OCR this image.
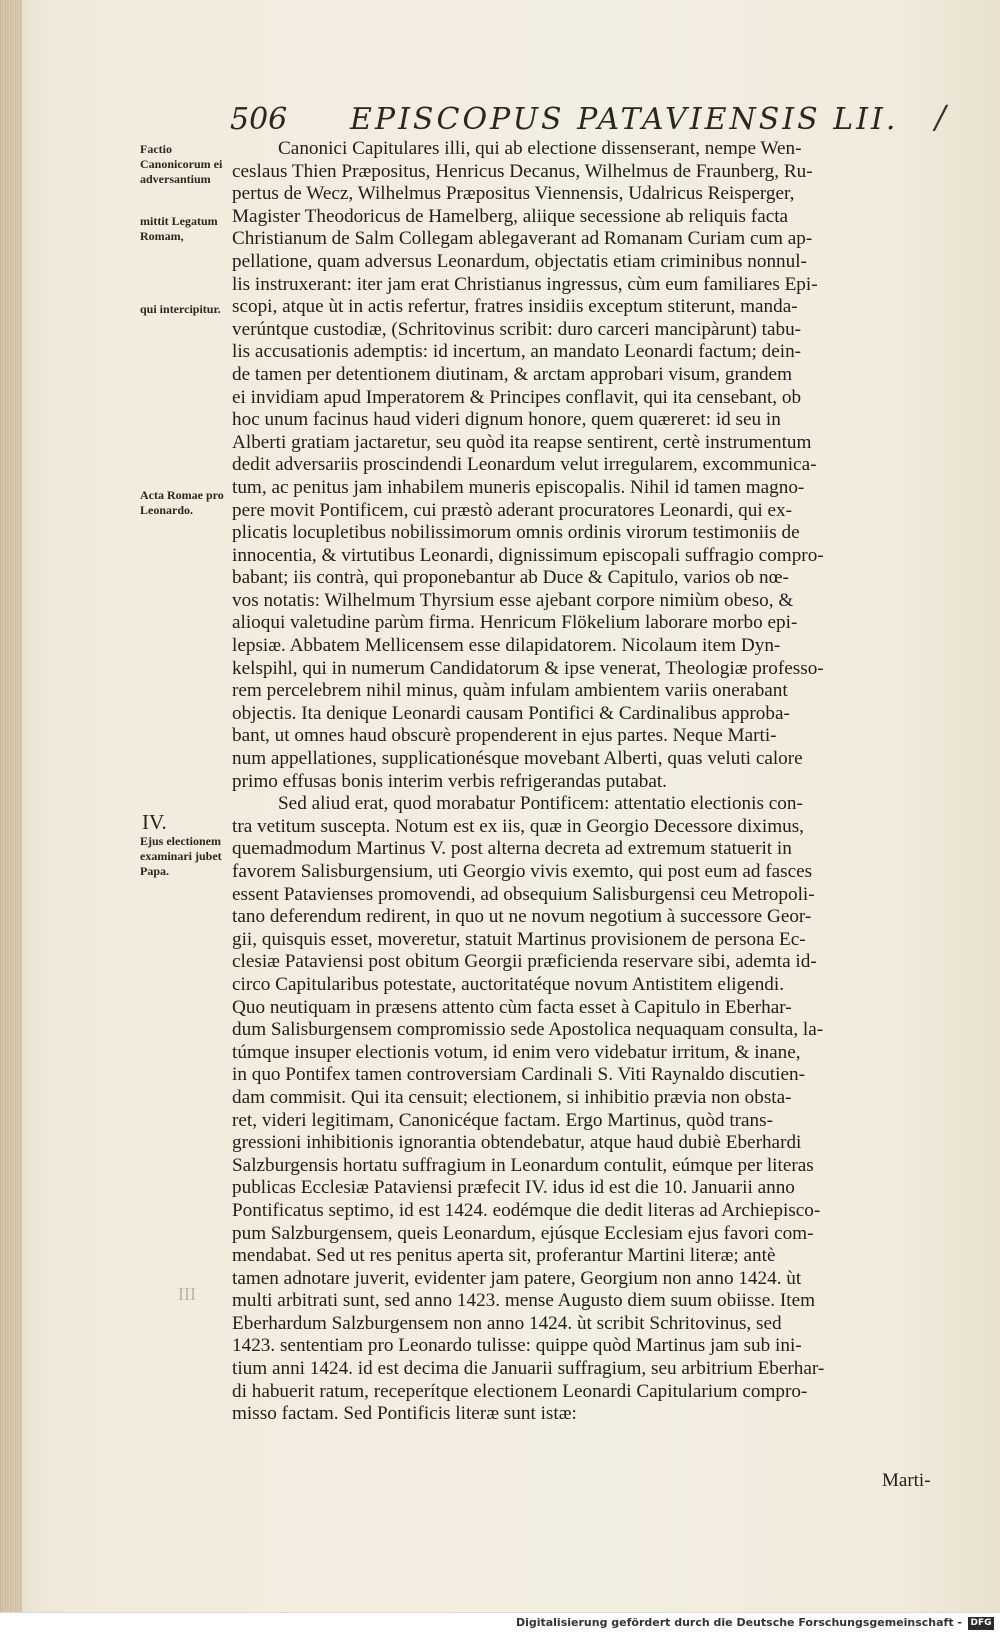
506 EPISCOPUS PATAVIENSIS LII. /
Factio Canonicorum ei adversantium
mittit Legatum Romam,
qui intercipitur.
Acta Romae pro Leonardo.
IV.
Ejus electionem examinari jubet Papa.
III

Canonici Capitulares illi, qui ab electione dissenserant, nempe Wen-

ceslaus Thien Præpositus, Henricus Decanus, Wilhelmus de Fraunberg, Ru-

pertus de Wecz, Wilhelmus Præpositus Viennensis, Udalricus Reisperger,

Magister Theodoricus de Hamelberg, aliique secessione ab reliquis facta

Christianum de Salm Collegam ablegaverant ad Romanam Curiam cum ap-

pellatione, quam adversus Leonardum, objectatis etiam criminibus nonnul-

lis instruxerant: iter jam erat Christianus ingressus, cùm eum familiares Epi-

scopi, atque ùt in actis refertur, fratres insidiis exceptum stiterunt, manda-

verúntque custodiæ, (Schritovinus scribit: duro carceri mancipàrunt) tabu-

lis accusationis ademptis: id incertum, an mandato Leonardi factum; dein-

de tamen per detentionem diutinam, & arctam approbari visum, grandem

ei invidiam apud Imperatorem & Principes conflavit, qui ita censebant, ob

hoc unum facinus haud videri dignum honore, quem quæreret: id seu in

Alberti gratiam jactaretur, seu quòd ita reapse sentirent, certè instrumentum

dedit adversariis proscindendi Leonardum velut irregularem, excommunica-

tum, ac penitus jam inhabilem muneris episcopalis. Nihil id tamen magno-

pere movit Pontificem, cui præstò aderant procuratores Leonardi, qui ex-

plicatis locupletibus nobilissimorum omnis ordinis virorum testimoniis de

innocentia, & virtutibus Leonardi, dignissimum episcopali suffragio compro-

babant; iis contrà, qui proponebantur ab Duce & Capitulo, varios ob nœ-

vos notatis: Wilhelmum Thyrsium esse ajebant corpore nimiùm obeso, &

alioqui valetudine parùm firma. Henricum Flökelium laborare morbo epi-

lepsiæ. Abbatem Mellicensem esse dilapidatorem. Nicolaum item Dyn-

kelspihl, qui in numerum Candidatorum & ipse venerat, Theologiæ professo-

rem percelebrem nihil minus, quàm infulam ambientem variis onerabant

objectis. Ita denique Leonardi causam Pontifici & Cardinalibus approba-

bant, ut omnes haud obscurè propenderent in ejus partes. Neque Marti-

num appellationes, supplicationésque movebant Alberti, quas veluti calore

primo effusas bonis interim verbis refrigerandas putabat.

Sed aliud erat, quod morabatur Pontificem: attentatio electionis con-

tra vetitum suscepta. Notum est ex iis, quæ in Georgio Decessore diximus,

quemadmodum Martinus V. post alterna decreta ad extremum statuerit in

favorem Salisburgensium, uti Georgio vivis exemto, qui post eum ad fasces

essent Patavienses promovendi, ad obsequium Salisburgensi ceu Metropoli-

tano deferendum redirent, in quo ut ne novum negotium à successore Geor-

gii, quisquis esset, moveretur, statuit Martinus provisionem de persona Ec-

clesiæ Pataviensi post obitum Georgii præficienda reservare sibi, ademta id-

circo Capitularibus potestate, auctoritatéque novum Antistitem eligendi.

Quo neutiquam in præsens attento cùm facta esset à Capitulo in Eberhar-

dum Salisburgensem compromissio sede Apostolica nequaquam consulta, la-

túmque insuper electionis votum, id enim vero videbatur irritum, & inane,

in quo Pontifex tamen controversiam Cardinali S. Viti Raynaldo discutien-

dam commisit. Qui ita censuit; electionem, si inhibitio prævia non obsta-

ret, videri legitimam, Canonicéque factam. Ergo Martinus, quòd trans-

gressioni inhibitionis ignorantia obtendebatur, atque haud dubiè Eberhardi

Salzburgensis hortatu suffragium in Leonardum contulit, eúmque per literas

publicas Ecclesiæ Pataviensi præfecit IV. idus id est die 10. Januarii anno

Pontificatus septimo, id est 1424. eodémque die dedit literas ad Archiepisco-

pum Salzburgensem, queis Leonardum, ejúsque Ecclesiam ejus favori com-

mendabat. Sed ut res penitus aperta sit, proferantur Martini literæ; antè

tamen adnotare juverit, evidenter jam patere, Georgium non anno 1424. ùt

multi arbitrati sunt, sed anno 1423. mense Augusto diem suum obiisse. Item

Eberhardum Salzburgensem non anno 1424. ùt scribit Schritovinus, sed

1423. sententiam pro Leonardo tulisse: quippe quòd Martinus jam sub ini-

tium anni 1424. id est decima die Januarii suffragium, seu arbitrium Eberhar-

di habuerit ratum, receperítque electionem Leonardi Capitularium compro-

misso factam. Sed Pontificis literæ sunt istæ:

Marti-
Digitalisierung gefördert durch die Deutsche Forschungsgemeinschaft - DFG
